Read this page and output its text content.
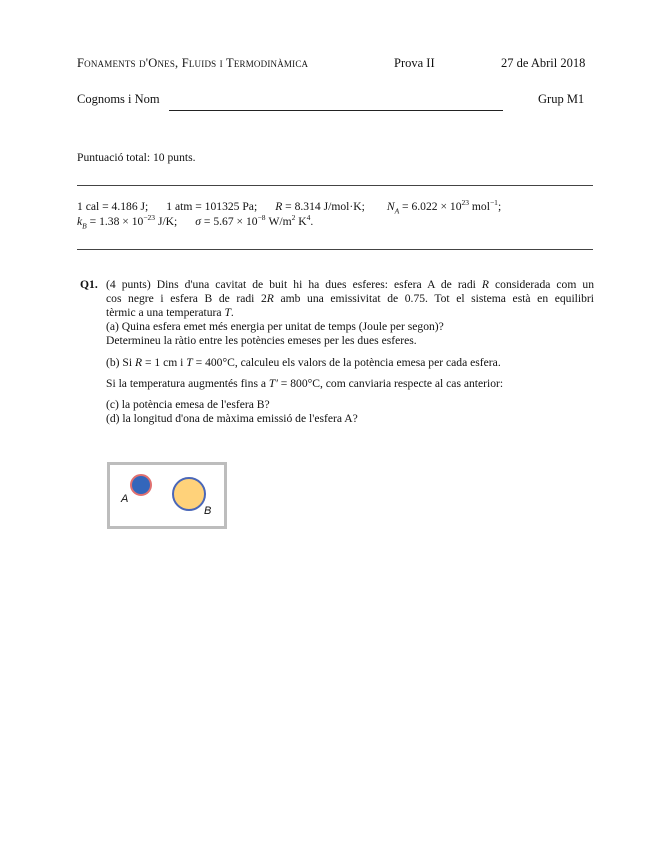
Fonaments d'Ones, Fluids i Termodinàmica	Prova II	27 de Abril 2018
Cognoms i Nom	Grup M1
Puntuació total: 10 punts.
1 cal = 4.186 J; 1 atm = 101325 Pa; R = 8.314 J/mol·K; $N_A = 6.022 \times 10^{23}$ mol$^{-1}$;
$k_B = 1.38 \times 10^{-23}$ J/K; $\sigma = 5.67 \times 10^{-8}$ $W/m^2$ $K^4$.
Q1. (4 punts) Dins d'una cavitat de buit hi ha dues esferes: esfera A de radi R considerada com un
cos negre i esfera B de radi 2R amb una emissivitat de 0.75. Tot el sistema està en equilibri
tèrmic a una temperatura T.
(a) Quina esfera emet més energia per unitat de temps (Joule per segon)?
Determineu la ràtio entre les potències emeses per les dues esferes.
(b) Si R = 1 cm i T = 400°C, calculeu els valors de la potència emesa per cada esfera.
Si la temperatura augmentés fins a T′ = 800°C, com canviaria respecte al cas anterior:
(c) la potència emesa de l'esfera B?
(d) la longitud d'ona de màxima emissió de l'esfera A?
A
B
